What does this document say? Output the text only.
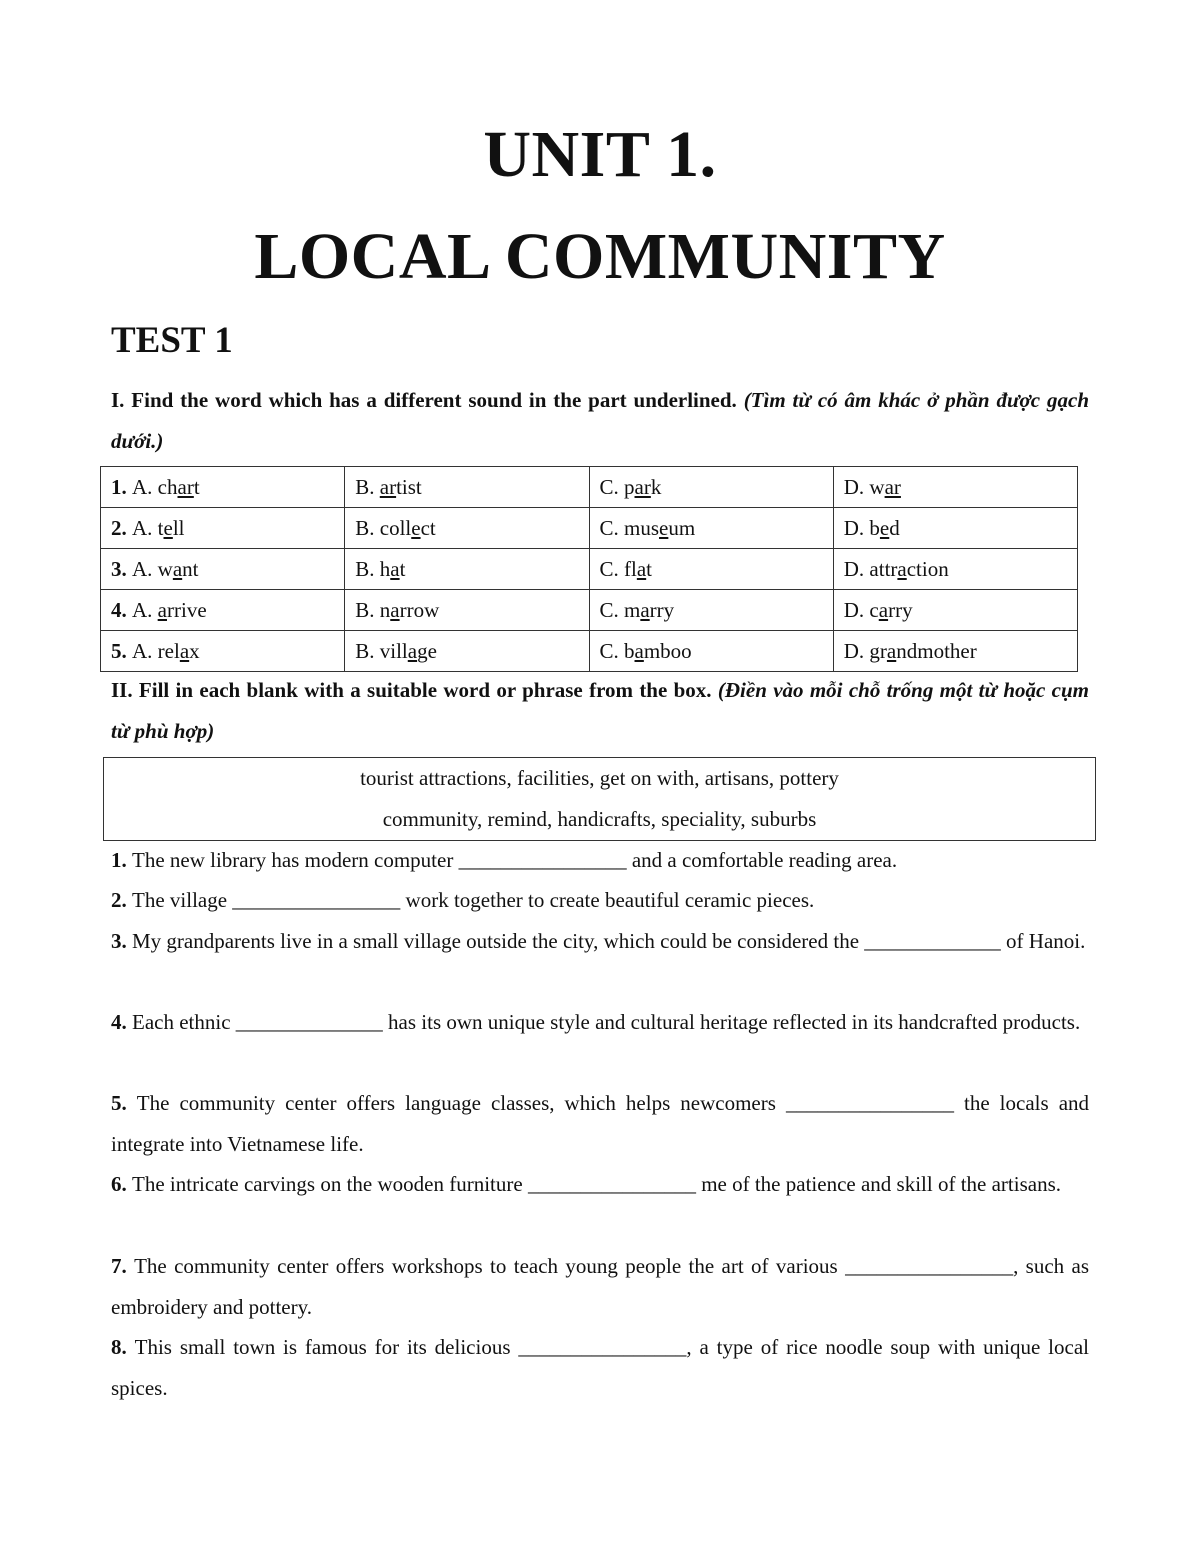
UNIT 1.
LOCAL COMMUNITY
TEST 1

I. Find the word which has a different sound in the part underlined. (Tìm từ có âm khác ở phần được gạch dưới.)

1. A. chart	B. artist	C. park	D. war
2. A. tell	B. collect	C. museum	D. bed
3. A. want	B. hat	C. flat	D. attraction
4. A. arrive	B. narrow	C. marry	D. carry
5. A. relax	B. village	C. bamboo	D. grandmother

II. Fill in each blank with a suitable word or phrase from the box. (Điền vào mỗi chỗ trống một từ hoặc cụm từ phù hợp)

tourist attractions, facilities, get on with, artisans, pottery
community, remind, handicrafts, speciality, suburbs

1. The new library has modern computer ________________ and a comfortable reading area.

2. The village ________________ work together to create beautiful ceramic pieces.

3. My grandparents live in a small village outside the city, which could be considered the _____________ of Hanoi.

4. Each ethnic ______________ has its own unique style and cultural heritage reflected in its handcrafted products.

5. The community center offers language classes, which helps newcomers ________________ the locals and integrate into Vietnamese life.

6. The intricate carvings on the wooden furniture ________________ me of the patience and skill of the artisans.

7. The community center offers workshops to teach young people the art of various ________________, such as embroidery and pottery.

8. This small town is famous for its delicious ________________, a type of rice noodle soup with unique local spices.
